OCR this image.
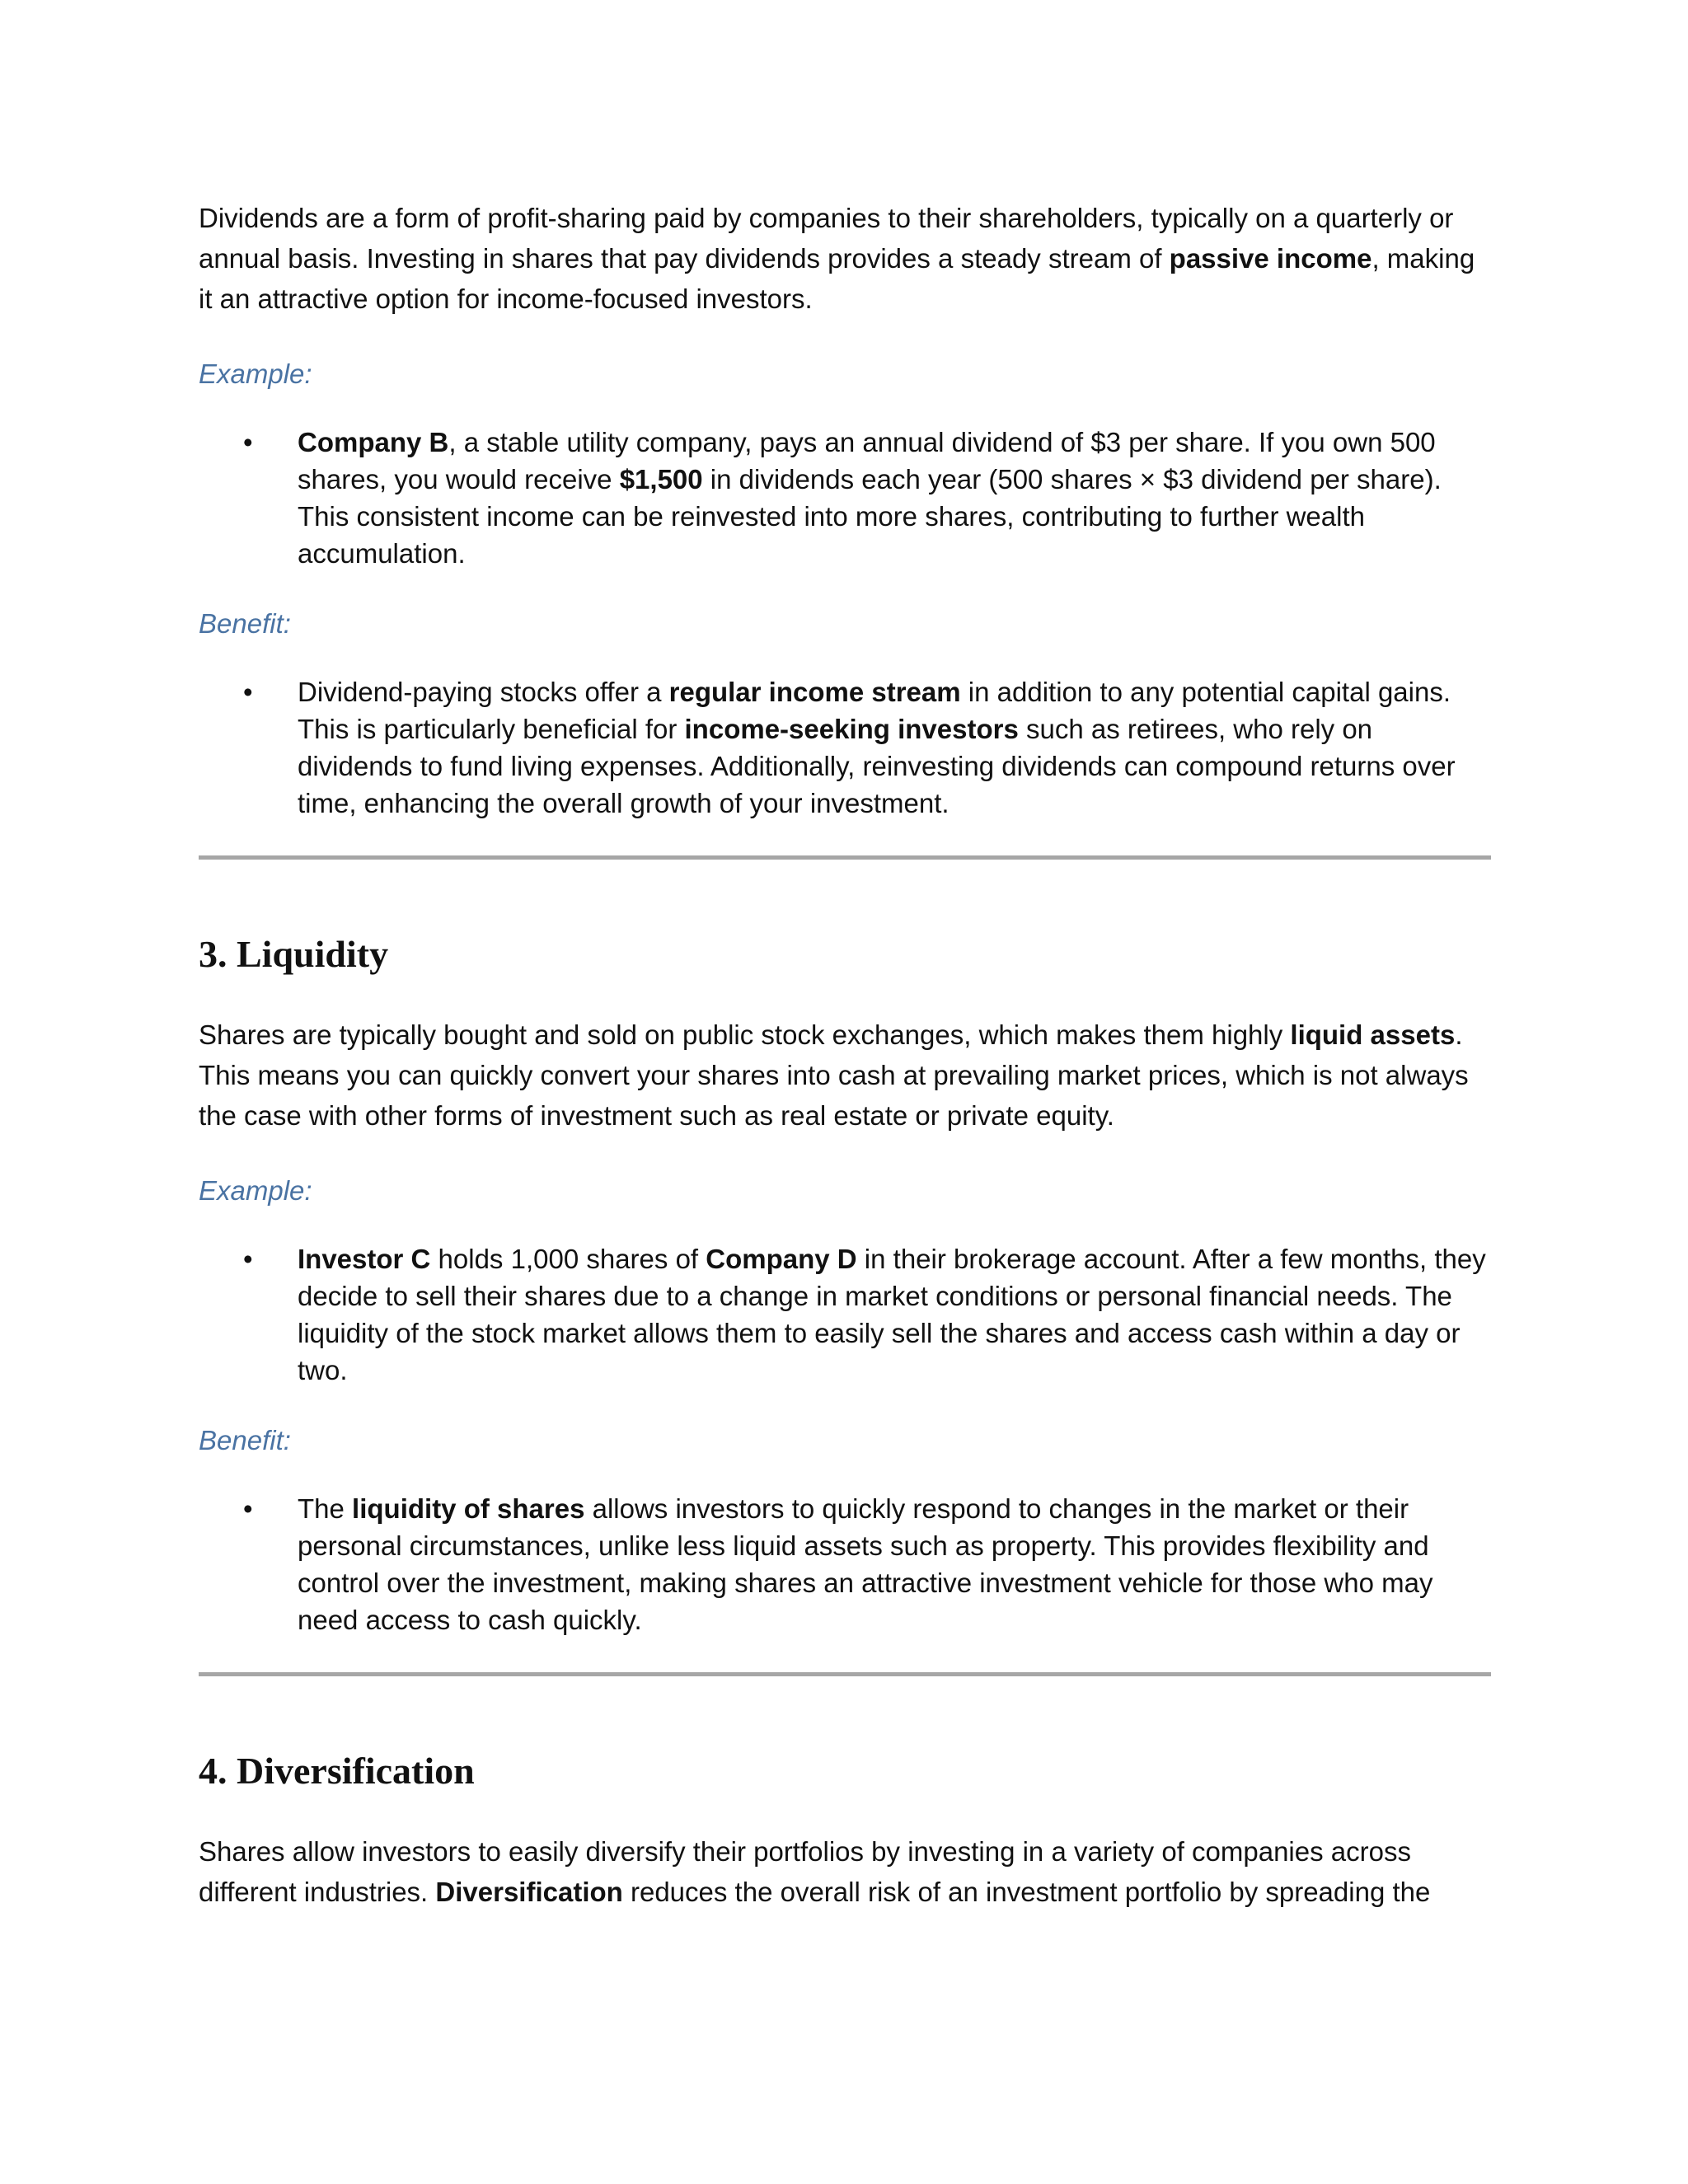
Dividends are a form of profit-sharing paid by companies to their shareholders, typically on a quarterly or annual basis. Investing in shares that pay dividends provides a steady stream of passive income, making it an attractive option for income-focused investors.

Example:

• Company B, a stable utility company, pays an annual dividend of $3 per share. If you own 500 shares, you would receive $1,500 in dividends each year (500 shares × $3 dividend per share). This consistent income can be reinvested into more shares, contributing to further wealth accumulation.

Benefit:

• Dividend-paying stocks offer a regular income stream in addition to any potential capital gains. This is particularly beneficial for income-seeking investors such as retirees, who rely on dividends to fund living expenses. Additionally, reinvesting dividends can compound returns over time, enhancing the overall growth of your investment.
3. Liquidity

Shares are typically bought and sold on public stock exchanges, which makes them highly liquid assets. This means you can quickly convert your shares into cash at prevailing market prices, which is not always the case with other forms of investment such as real estate or private equity.

Example:

• Investor C holds 1,000 shares of Company D in their brokerage account. After a few months, they decide to sell their shares due to a change in market conditions or personal financial needs. The liquidity of the stock market allows them to easily sell the shares and access cash within a day or two.

Benefit:

• The liquidity of shares allows investors to quickly respond to changes in the market or their personal circumstances, unlike less liquid assets such as property. This provides flexibility and control over the investment, making shares an attractive investment vehicle for those who may need access to cash quickly.
4. Diversification

Shares allow investors to easily diversify their portfolios by investing in a variety of companies across different industries. Diversification reduces the overall risk of an investment portfolio by spreading the
